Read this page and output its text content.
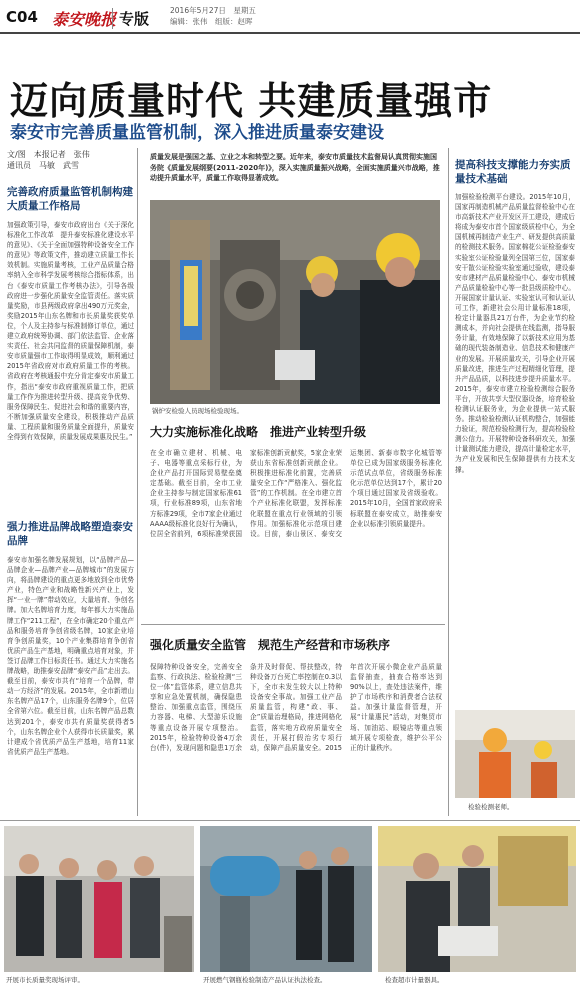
C04 泰安晚报 专版	2016年5月27日　星期五
编辑：张伟　组版：赵晖
迈向质量时代 共建质量强市
泰安市完善质量监管机制，深入推进质量泰安建设
文/图　本报记者　张伟
通讯员　马敏　武雪
完善政府质量监管机制构建大质量工作格局
加强政策引导，泰安市政府出台《关于深化标准化工作改革　提升泰安标准化建设水平的意见》、《关于全面加强特种设备安全工作的意见》等政策文件，推动建立质量工作长效机制。实施质量考核，工业产品质量合格率纳入全市科学发展考核综合指标体系，出台《泰安市质量工作考核办法》，引导各级政府进一步强化质量安全监管责任。落实质量奖励，市县两级政府拿出490万元奖金，奖励2015年山东名牌和市长质量奖获奖单位，个人及主持参与标准制修订单位，通过建立政府统筹协调、部门依法监管、企业落实责任、社会共同监督的质量保障机制，泰安市质量强市工作取得明显成效，顺利通过2015年省政府对市政府质量工作的考核。省政府在考核通报中充分肯定泰安市质量工作，指出“泰安市政府重视质量工作，把质量工作作为推进转型升级、提高竞争优势、服务保障民生、促进社会和谐的重要内容，不断加强质量安全建设，积极推动产品质量、工程质量和服务质量全面提升，质量安全得到有效保障，质量发展成果惠及民生。”
强力推进品牌战略塑造泰安品牌
泰安市加强名牌发展规划，以“品牌产品—品牌企业—品牌产业—品牌城市”的发展方向，将品牌建设的重点更多地放到全市优势产业，特色产业和战略性新兴产业上，发挥“一业一牌”带动效应，大量培育、争创名牌。加大名牌培育力度，每年都大力实施品牌工作“211工程”，在全市确定20个重点产品和服务培育争创省级名牌，10家企业培育争创质量奖，10个产业集群培育争创省优质产品生产基地，明确重点培育对象，并签订品牌工作目标责任书。通过大力实施名牌战略，助推泰安品牌“泰安产品”走出去。截至目前，泰安市共有“培育一个品牌，带动一方经济”的发展。2015年，全市新增山东名牌产品17个，山东服务名牌9个，位居全省第六位。截至目前，山东名牌产品总数达到201个，泰安市共有质量奖获得者5个，山东名牌企业个人获得市长质量奖，累计建成个省优质产品生产基地，培育11家省优质产品生产基地。
质量发展是强国之基、立业之本和转型之要。近年来，泰安市质量技术监督局认真贯彻实施国务院《质量发展纲要(2011-2020年)》，深入实施质量振兴战略，全面实施质量兴市战略，推动提升质量水平，质量工作取得显著成效。
锅炉安检验人员现场检验现场。
大力实施标准化战略　推进产业转型升级
在全市确立建材、机械、电子、电器等重点采标行业，为企业产品打开国际贸易壁垒奠定基础。截至目前，全市工业企业主持参与制定国家标准61项，行业标准89项，山东省地方标准29项，全市7家企业通过AAAA级标准化良好行为确认，位居全省前列，6项标准荣获国家标准创新贡献奖，5家企业荣获山东省标准创新贡献企业。积极推进标准化前置，完善质量安全工作“严格准入、强化监管”的工作机制。在全市建立首个产业标准化联盟，发挥标准化联盟在重点行业领域的引领作用。加强标准化示范项目建设。目前，泰山景区、泰安交运集团、新泰市数字化城管等单位已成为国家级服务标准化示范试点单位，省级服务标准化示范单位达到17个，累计20个项目通过国家及省级验收。2015年10月，全国首家政府采标联盟在泰安成立，助推泰安企业以标准引领质量提升。
强化质量安全监管　规范生产经营和市场秩序
保障特种设备安全，完善安全监察、行政执法、检验检测“三位一体”监管体系，建立信息共享和应急处置机制，确保隐患整治、加强重点监管，围绕压力容器、电梯、大型游乐设施等重点设备开展专项整治。2015年，检验特种设备4万余台(件)，发现问题和隐患1万余条并及时督促、帮扶整改，特种设备万台死亡率控制在0.3以下，全市未发生较大以上特种设备安全事故。加强工业产品质量监管，构建“政、事、企”质量治理格局，推进网格化监管，落实地方政府质量安全责任，开展打假治劣专项行动，保障产品质量安全。2015年首次开展小微企业产品质量监督抽查，抽查合格率达到90%以上，查处违法案件，维护了市场秩序和消费者合法权益。加强计量监督管理，开展“计量惠民”活动，对集贸市场、加油站、眼镜店等重点领域开展专项检查，维护公平公正的计量秩序。
提高科技支撑能力夯实质量技术基础
加强检验检测平台建设。2015年10月，国家再制造机械产品质量监督检验中心在市高新技术产业开发区开工建设，建成后将成为泰安市首个国家级质检中心，为全国机械再制造产业生产、研发提供高质量的检测技术服务。国家棉花公证检验泰安实验室公证检验量列全国第三位，国家泰安干散公证检验实验室通过验收，建设泰安市建材产品质量检验中心、泰安市机械产品质量检验中心等一批县级质检中心。开展国家计量认证、实验室认可和认证认可工作，新建社会公用计量标准18项，检定计量器具21万台件，为企业节约检测成本，并向社会提供在线监测，指导服务计量，有效地保障了以新技术应用为基础的现代装备制造业、信息技术和健康产业的发展。开展质量攻关，引导企业开展质量改进，推进生产过程精细化管理，提升产品品质，以科技进步提升质量水平。2015年，泰安市建立检验检测综合服务平台，开放共享大型仪器设备，培育检验检测认证服务业，为企业提供一站式服务。推动检验检测认证机构整合，加强能力验证，规范检验检测行为，提高检验检测公信力。开展特种设备科研攻关，加强计量测试能力建设，提高计量检定水平，为产业发展和民生保障提供有力技术支撑。
检验检测老师。
开展市长质量奖现场评审。	开展燃气钢瓶检验制造产品认证执法检查。	检查超市计量器具。
